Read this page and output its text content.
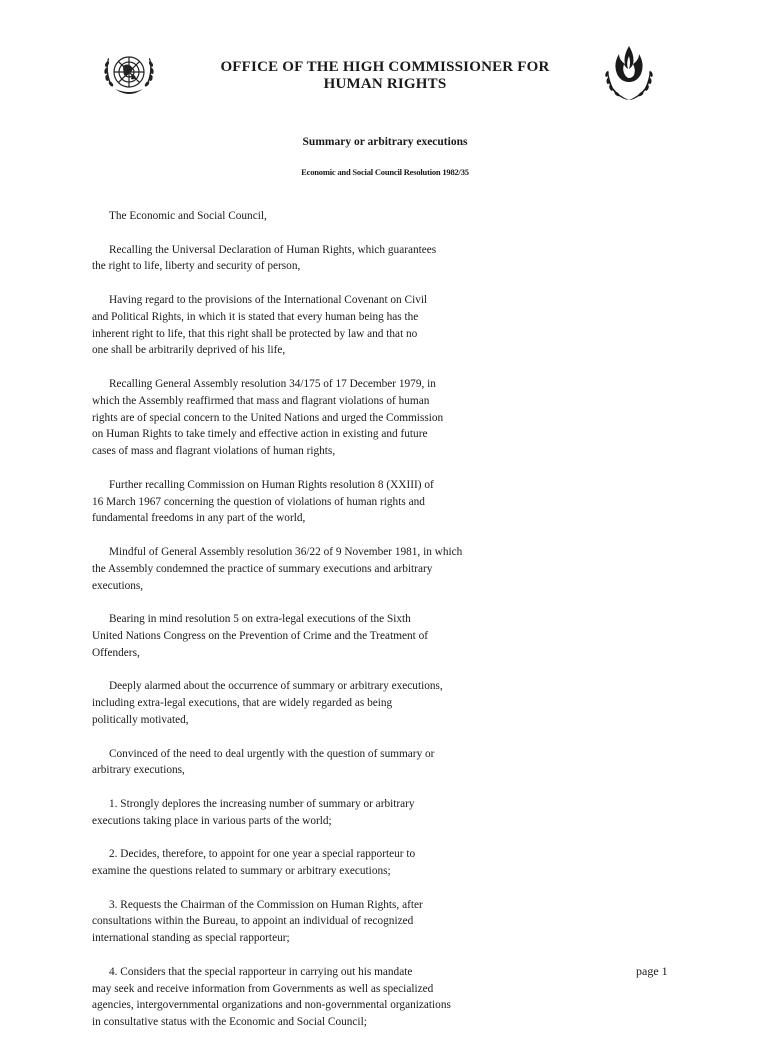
OFFICE OF THE HIGH COMMISSIONER FOR
HUMAN RIGHTS
Summary or arbitrary executions
Economic and Social Council Resolution 1982/35
The Economic and Social Council,
Recalling the Universal Declaration of Human Rights, which guarantees
the right to life, liberty and security of person,
Having regard to the provisions of the International Covenant on Civil
and Political Rights, in which it is stated that every human being has the
inherent right to life, that this right shall be protected by law and that no
one shall be arbitrarily deprived of his life,
Recalling General Assembly resolution 34/175 of 17 December 1979, in
which the Assembly reaffirmed that mass and flagrant violations of human
rights are of special concern to the United Nations and urged the Commission
on Human Rights to take timely and effective action in existing and future
cases of mass and flagrant violations of human rights,
Further recalling Commission on Human Rights resolution 8 (XXIII) of
16 March 1967 concerning the question of violations of human rights and
fundamental freedoms in any part of the world,
Mindful of General Assembly resolution 36/22 of 9 November 1981, in which
the Assembly condemned the practice of summary executions and arbitrary
executions,
Bearing in mind resolution 5 on extra-legal executions of the Sixth
United Nations Congress on the Prevention of Crime and the Treatment of
Offenders,
Deeply alarmed about the occurrence of summary or arbitrary executions,
including extra-legal executions, that are widely regarded as being
politically motivated,
Convinced of the need to deal urgently with the question of summary or
arbitrary executions,
1. Strongly deplores the increasing number of summary or arbitrary
executions taking place in various parts of the world;
2. Decides, therefore, to appoint for one year a special rapporteur to
examine the questions related to summary or arbitrary executions;
3. Requests the Chairman of the Commission on Human Rights, after
consultations within the Bureau, to appoint an individual of recognized
international standing as special rapporteur;
4. Considers that the special rapporteur in carrying out his mandate
may seek and receive information from Governments as well as specialized
agencies, intergovernmental organizations and non-governmental organizations
in consultative status with the Economic and Social Council;
page 1
